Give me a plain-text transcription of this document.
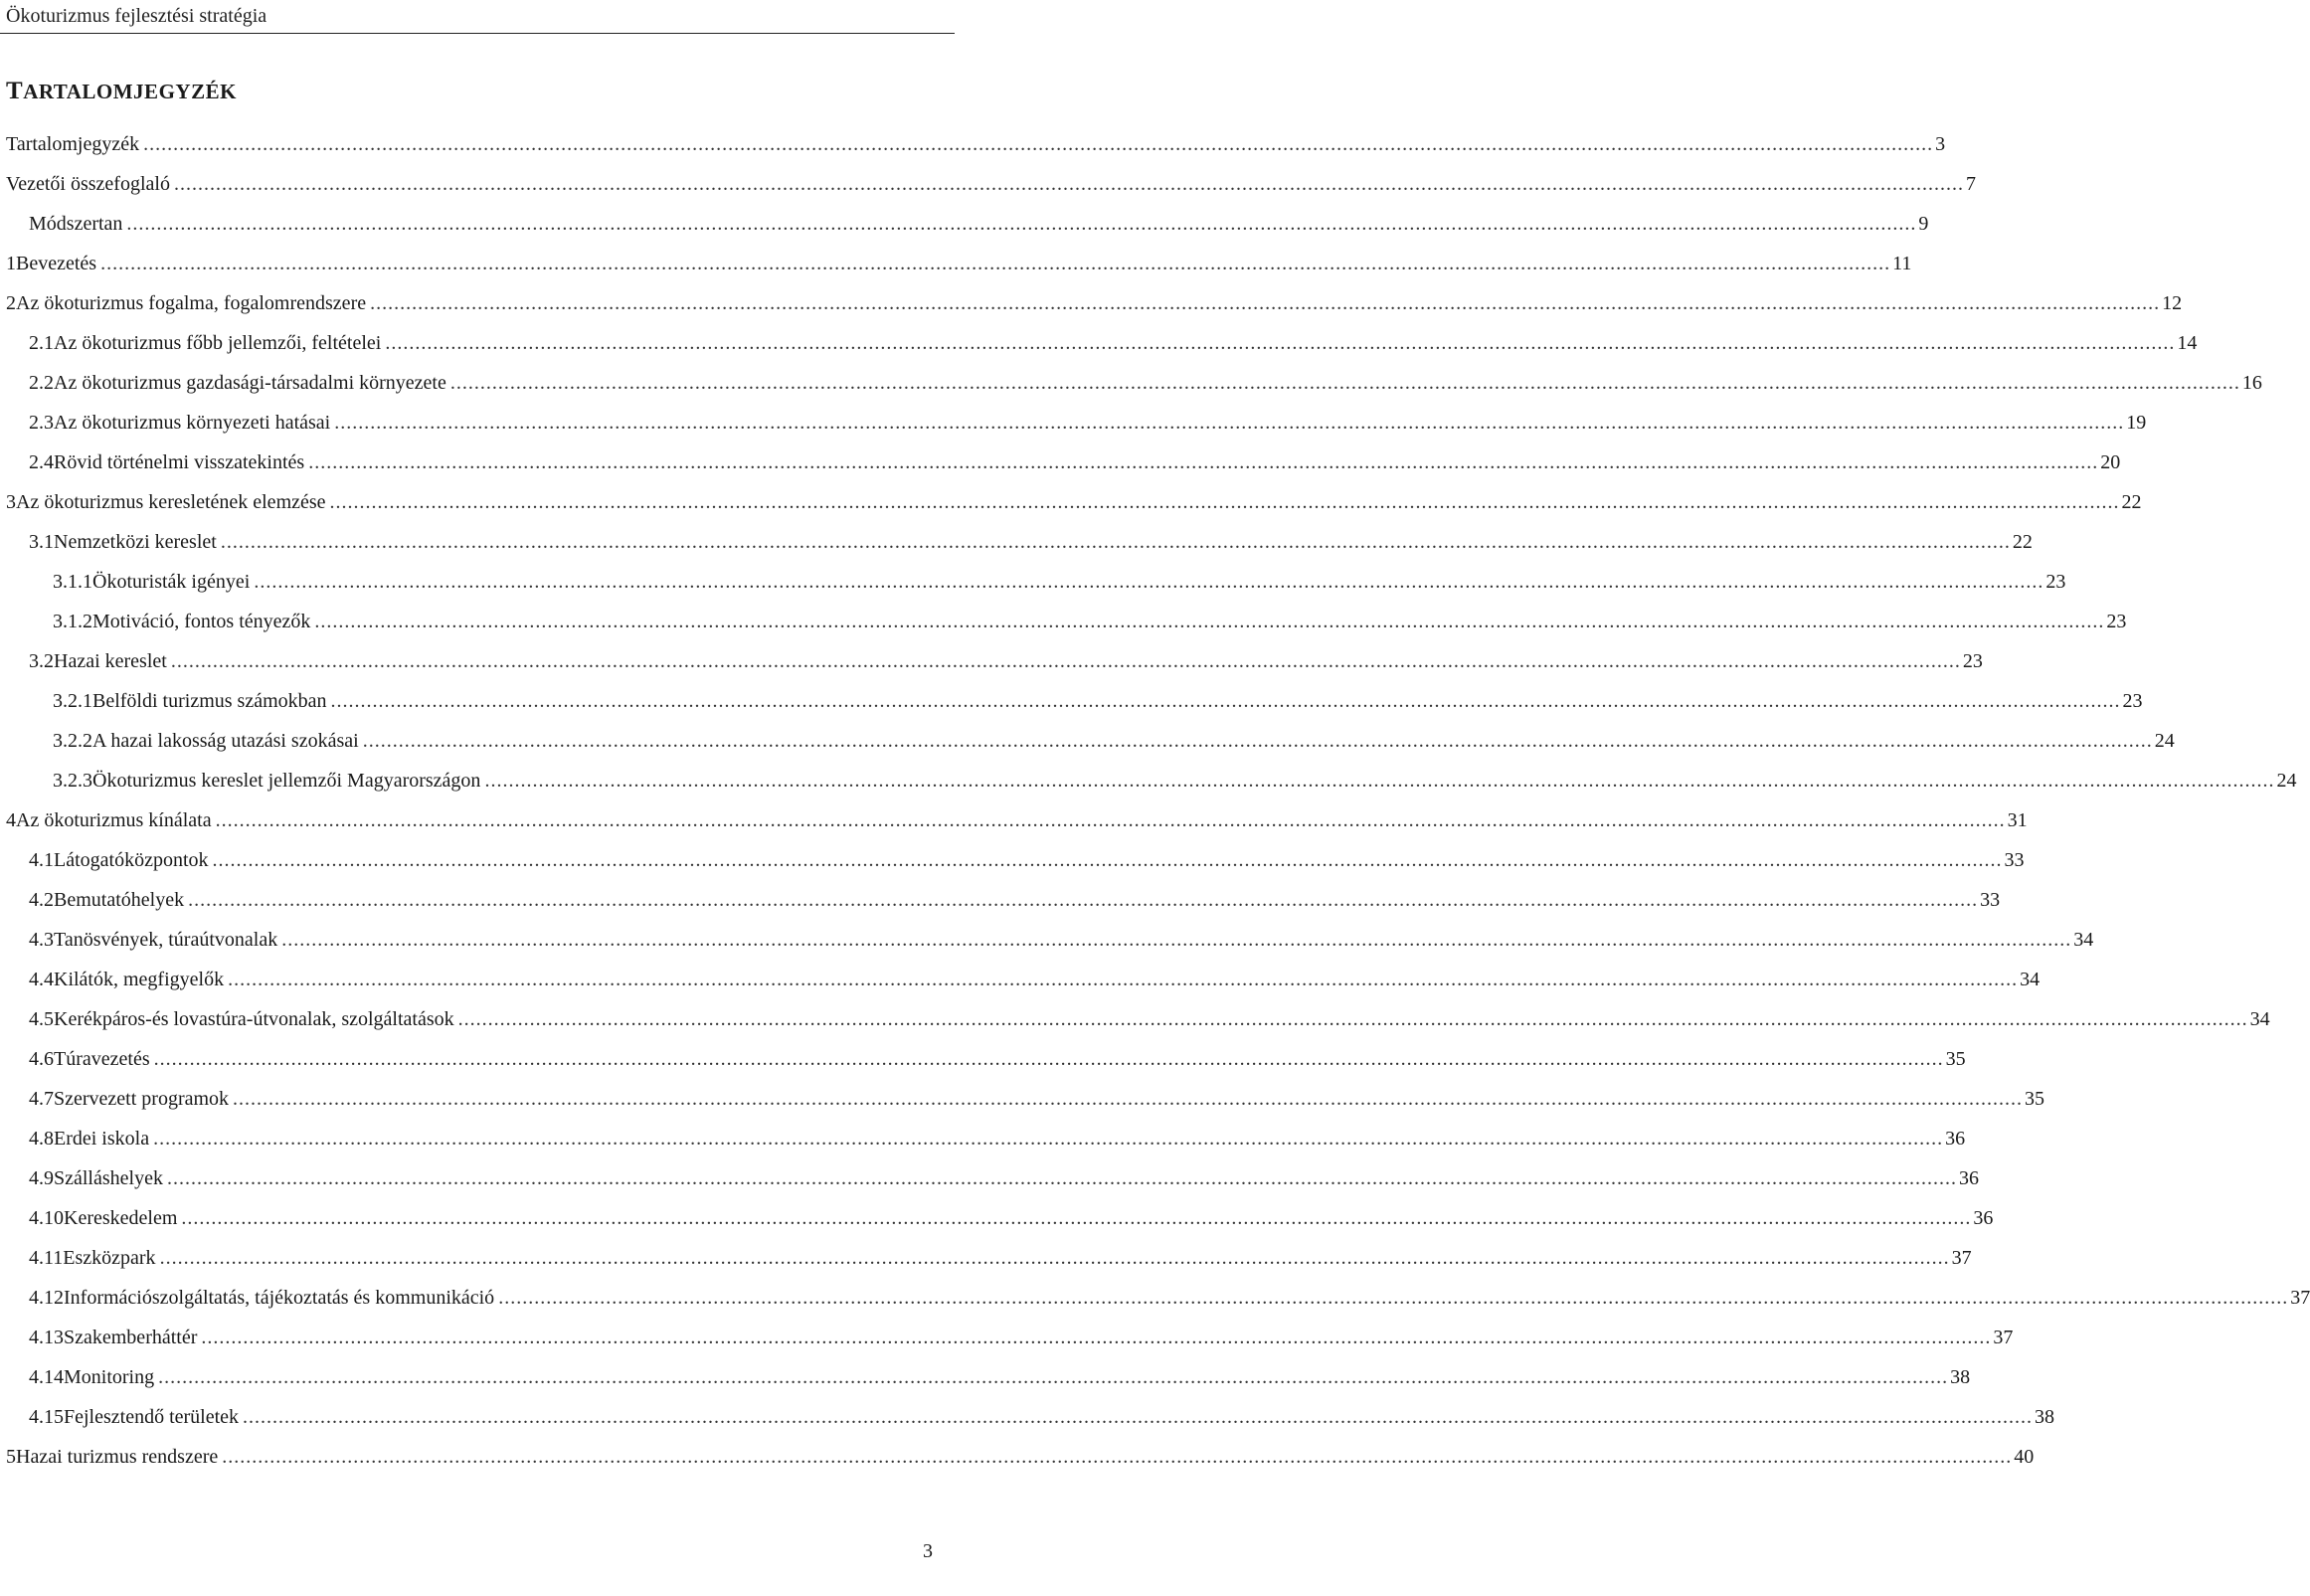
Ökoturizmus fejlesztési stratégia
TARTALOMJEGYZÉK
Tartalomjegyzék ............................................................................................................................................................................................................................................................................................................ 3
Vezetői összefoglaló ............................................................................................................................................................................................................................................................................................................ 7
Módszertan ............................................................................................................................................................................................................................................................................................................ 9
1 Bevezetés ............................................................................................................................................................................................................................................................................................................ 11
2 Az ökoturizmus fogalma, fogalomrendszere ............................................................................................................................................................................................................................................................................................................ 12
2.1 Az ökoturizmus főbb jellemzői, feltételei ............................................................................................................................................................................................................................................................................................................ 14
2.2 Az ökoturizmus gazdasági-társadalmi környezete ............................................................................................................................................................................................................................................................................................................ 16
2.3 Az ökoturizmus környezeti hatásai ............................................................................................................................................................................................................................................................................................................ 19
2.4 Rövid történelmi visszatekintés ............................................................................................................................................................................................................................................................................................................ 20
3 Az ökoturizmus keresletének elemzése ............................................................................................................................................................................................................................................................................................................ 22
3.1 Nemzetközi kereslet ............................................................................................................................................................................................................................................................................................................ 22
3.1.1 Ökoturisták igényei ............................................................................................................................................................................................................................................................................................................ 23
3.1.2 Motiváció, fontos tényezők ............................................................................................................................................................................................................................................................................................................ 23
3.2 Hazai kereslet ............................................................................................................................................................................................................................................................................................................ 23
3.2.1 Belföldi turizmus számokban ............................................................................................................................................................................................................................................................................................................ 23
3.2.2 A hazai lakosság utazási szokásai ............................................................................................................................................................................................................................................................................................................ 24
3.2.3 Ökoturizmus kereslet jellemzői Magyarországon ............................................................................................................................................................................................................................................................................................................ 24
4 Az ökoturizmus kínálata ............................................................................................................................................................................................................................................................................................................ 31
4.1 Látogatóközpontok ............................................................................................................................................................................................................................................................................................................ 33
4.2 Bemutatóhelyek ............................................................................................................................................................................................................................................................................................................ 33
4.3 Tanösvények, túraútvonalak ............................................................................................................................................................................................................................................................................................................ 34
4.4 Kilátók, megfigyelők ............................................................................................................................................................................................................................................................................................................ 34
4.5 Kerékpáros-és lovastúra-útvonalak, szolgáltatások ............................................................................................................................................................................................................................................................................................................ 34
4.6 Túravezetés ............................................................................................................................................................................................................................................................................................................ 35
4.7 Szervezett programok ............................................................................................................................................................................................................................................................................................................ 35
4.8 Erdei iskola ............................................................................................................................................................................................................................................................................................................ 36
4.9 Szálláshelyek ............................................................................................................................................................................................................................................................................................................ 36
4.10 Kereskedelem ............................................................................................................................................................................................................................................................................................................ 36
4.11 Eszközpark ............................................................................................................................................................................................................................................................................................................ 37
4.12 Információszolgáltatás, tájékoztatás és kommunikáció ............................................................................................................................................................................................................................................................................................................ 37
4.13 Szakemberháttér ............................................................................................................................................................................................................................................................................................................ 37
4.14 Monitoring ............................................................................................................................................................................................................................................................................................................ 38
4.15 Fejlesztendő területek ............................................................................................................................................................................................................................................................................................................ 38
5 Hazai turizmus rendszere ............................................................................................................................................................................................................................................................................................................ 40
3
